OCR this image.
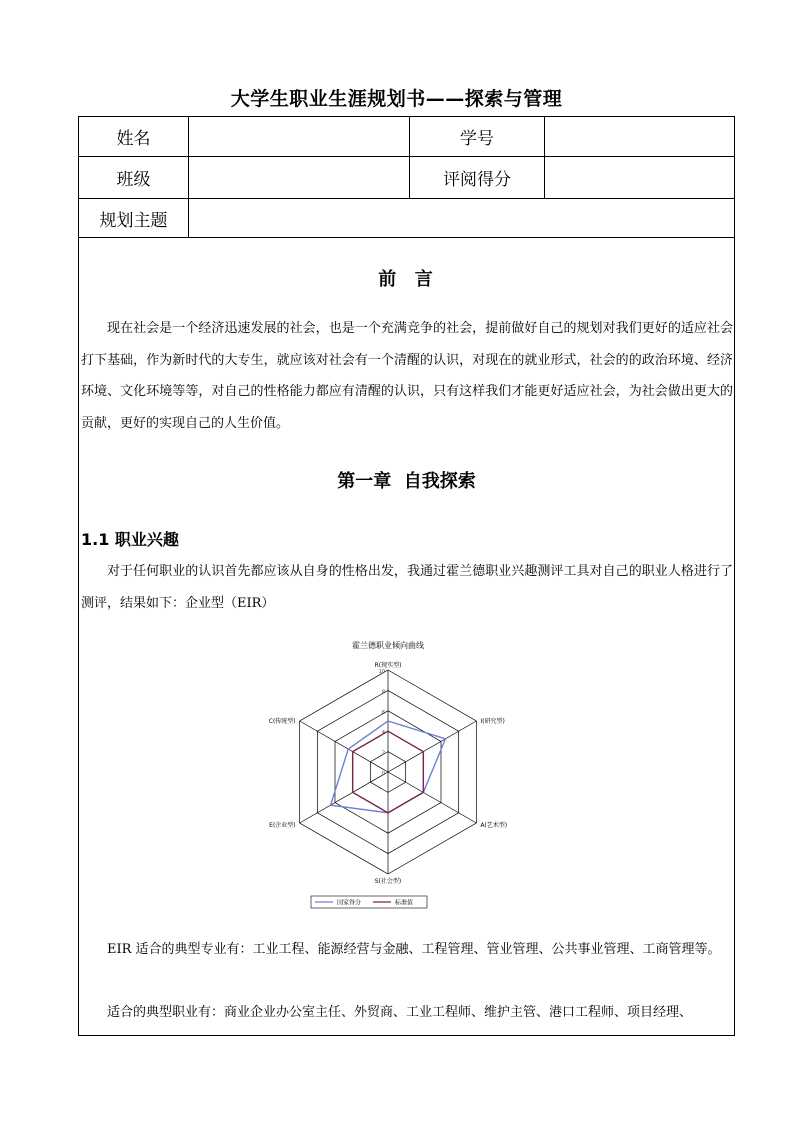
大学生职业生涯规划书——探索与管理
姓名	学号
班级	评阅得分
规划主题
前  言
现在社会是一个经济迅速发展的社会，也是一个充满竞争的社会，提前做好自己的规划对我们更好的适应社会打下基础，作为新时代的大专生，就应该对社会有一个清醒的认识，对现在的就业形式，社会的的政治环境、经济环境、文化环境等等，对自己的性格能力都应有清醒的认识，只有这样我们才能更好适应社会，为社会做出更大的贡献，更好的实现自己的人生价值。
第一章  自我探索
1.1 职业兴趣
对于任何职业的认识首先都应该从自身的性格出发，我通过霍兰德职业兴趣测评工具对自己的职业人格进行了测评，结果如下：企业型（EIR）
霍兰德职业倾向曲线
0
2
4
6
8
10
R(现实型)
I(研究型)
A(艺术型)
S(社会型)
E(企业型)
C(传统型)
国家得分	标准值
EIR 适合的典型专业有：工业工程、能源经营与金融、工程管理、管业管理、公共事业管理、工商管理等。
适合的典型职业有：商业企业办公室主任、外贸商、工业工程师、维护主管、港口工程师、项目经理、
